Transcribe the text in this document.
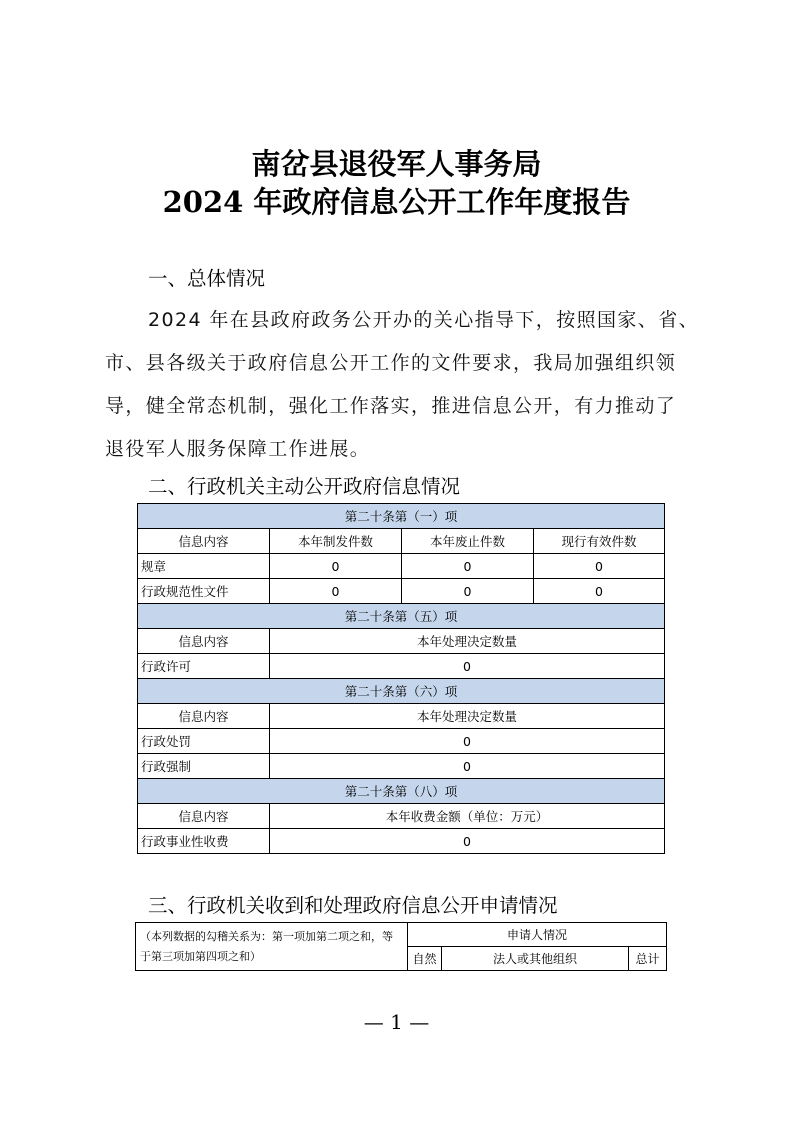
南岔县退役军人事务局
2024 年政府信息公开工作年度报告
一、总体情况
2024 年在县政府政务公开办的关心指导下，按照国家、省、
市、县各级关于政府信息公开工作的文件要求，我局加强组织领
导，健全常态机制，强化工作落实，推进信息公开，有力推动了
退役军人服务保障工作进展。
二、行政机关主动公开政府信息情况
第二十条第（一）项			
信息内容	本年制发件数	本年废止件数	现行有效件数
规章	0	0	0
行政规范性文件	0	0	0
第二十条第（五）项			
信息内容	本年处理决定数量		
行政许可	0		
第二十条第（六）项			
信息内容	本年处理决定数量		
行政处罚	0		
行政强制	0		
第二十条第（八）项			
信息内容	本年收费金额（单位：万元）		
行政事业性收费	0		
三、行政机关收到和处理政府信息公开申请情况
（本列数据的勾稽关系为：第一项加第二项之和，等于第三项加第四项之和）	申请人情况		
	自然	法人或其他组织	总计
— 1 —
